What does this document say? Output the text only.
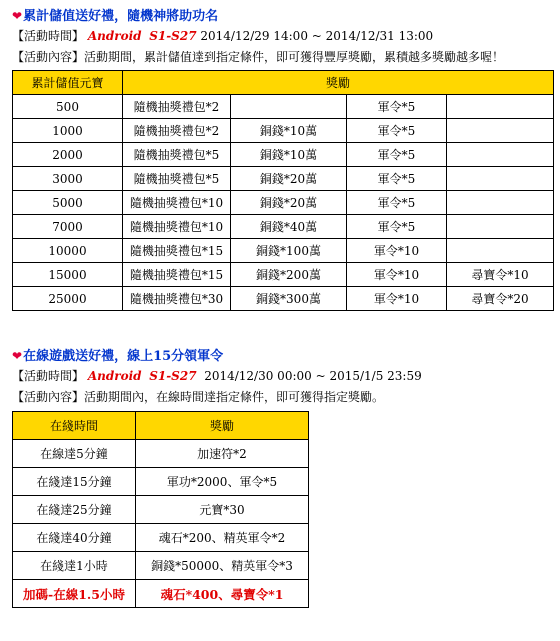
❤累計儲值送好禮，隨機神將助功名
【活動時間】 Android S1-S27 2014/12/29 14:00 ~ 2014/12/31 13:00
【活動內容】活動期間，累計儲值達到指定條件，即可獲得豐厚獎勵，累積越多獎勵越多喔！
累計儲值元寶	獎勵			
500	隨機抽獎禮包*2		軍令*5	
1000	隨機抽獎禮包*2	銅錢*10萬	軍令*5	
2000	隨機抽獎禮包*5	銅錢*10萬	軍令*5	
3000	隨機抽獎禮包*5	銅錢*20萬	軍令*5	
5000	隨機抽獎禮包*10	銅錢*20萬	軍令*5	
7000	隨機抽獎禮包*10	銅錢*40萬	軍令*5	
10000	隨機抽獎禮包*15	銅錢*100萬	軍令*10	
15000	隨機抽獎禮包*15	銅錢*200萬	軍令*10	尋寶令*10
25000	隨機抽獎禮包*30	銅錢*300萬	軍令*10	尋寶令*20
❤在線遊戲送好禮，線上15分領軍令
【活動時間】 Android S1-S27 2014/12/30 00:00 ~ 2015/1/5 23:59
【活動內容】活動期間內，在線時間達指定條件，即可獲得指定獎勵。
在綫時間	獎勵
在線達5分鐘	加速符*2
在綫達15分鐘	軍功*2000、軍令*5
在綫達25分鐘	元寶*30
在綫達40分鐘	魂石*200、精英軍令*2
在綫達1小時	銅錢*50000、精英軍令*3
加碼-在線1.5小時	魂石*400、尋寶令*1
